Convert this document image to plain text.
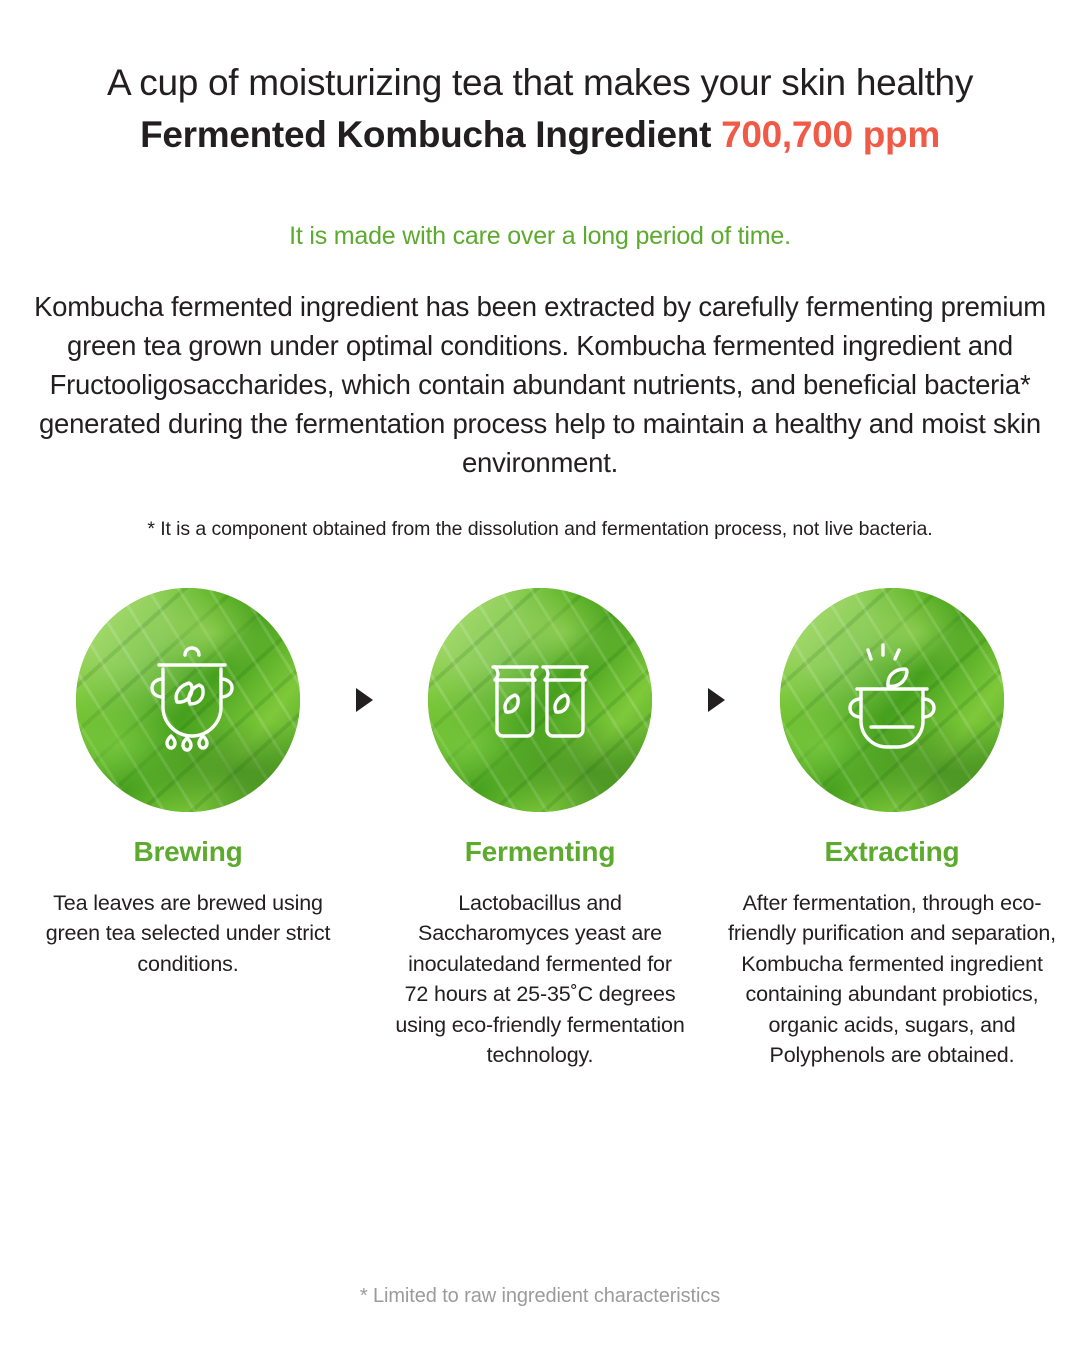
A cup of moisturizing tea that makes your skin healthy
Fermented Kombucha Ingredient 700,700 ppm
It is made with care over a long period of time.
Kombucha fermented ingredient has been extracted by carefully fermenting premium green tea grown under optimal conditions. Kombucha fermented ingredient and Fructooligosaccharides, which contain abundant nutrients, and beneficial bacteria* generated during the fermentation process help to maintain a healthy and moist skin environment.
* It is a component obtained from the dissolution and fermentation process, not live bacteria.
Brewing
Tea leaves are brewed using green tea selected under strict conditions.
Fermenting
Lactobacillus and Saccharomyces yeast are inoculatedand fermented for 72 hours at 25-35˚C degrees using eco-friendly fermentation technology.
Extracting
After fermentation, through eco-friendly purification and separation, Kombucha fermented ingredient containing abundant probiotics, organic acids, sugars, and Polyphenols are obtained.
* Limited to raw ingredient characteristics
